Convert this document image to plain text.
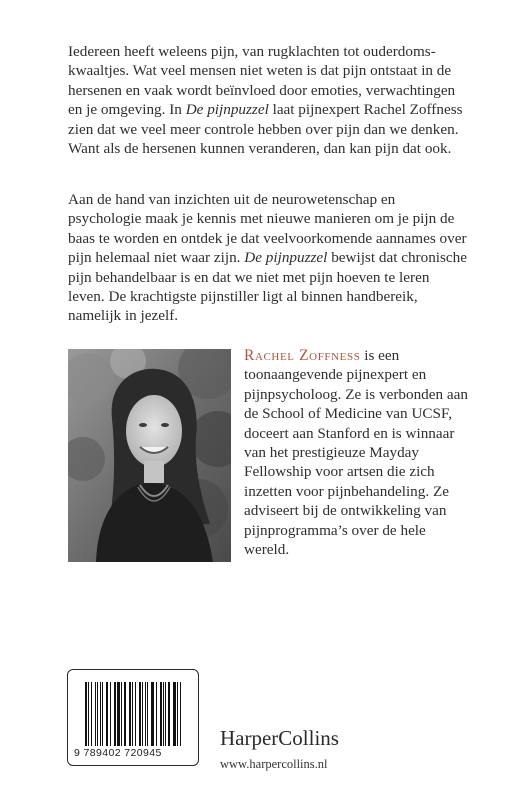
Iedereen heeft weleens pijn, van rugklachten tot ouderdomskwaaltjes. Wat veel mensen niet weten is dat pijn ontstaat in de hersenen en vaak wordt beïnvloed door emoties, verwachtingen en je omgeving. In De pijnpuzzel laat pijnexpert Rachel Zoffness zien dat we veel meer controle hebben over pijn dan we denken. Want als de hersenen kunnen veranderen, dan kan pijn dat ook.

Aan de hand van inzichten uit de neurowetenschap en psychologie maak je kennis met nieuwe manieren om je pijn de baas te worden en ontdek je dat veelvoorkomende aannames over pijn helemaal niet waar zijn. De pijnpuzzel bewijst dat chronische pijn behandelbaar is en dat we niet met pijn hoeven te leren leven. De krachtigste pijnstiller ligt al binnen handbereik, namelijk in jezelf.

Rachel Zoffness is een toonaangevende pijnexpert en pijnpsycholoog. Ze is verbonden aan de School of Medicine van UCSF, doceert aan Stanford en is winnaar van het prestigieuze Mayday Fellowship voor artsen die zich inzetten voor pijnbehandeling. Ze adviseert bij de ontwikkeling van pijnprogramma’s over de hele wereld.

9 789402 720945

HarperCollins

www.harpercollins.nl
